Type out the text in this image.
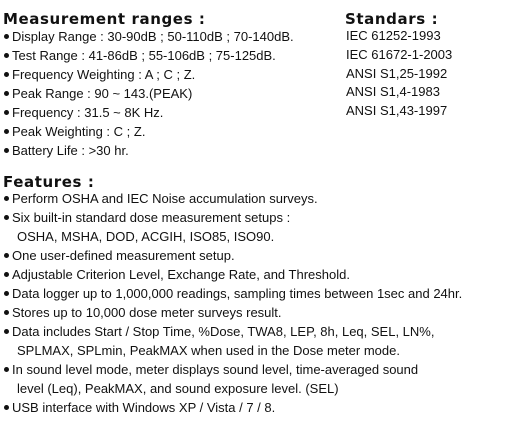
Measurement ranges :
Display Range : 30-90dB ; 50-110dB ; 70-140dB.
Test Range : 41-86dB ; 55-106dB ; 75-125dB.
Frequency Weighting : A ; C ; Z.
Peak Range : 90 ~ 143.(PEAK)
Frequency : 31.5 ~ 8K Hz.
Peak Weighting : C ; Z.
Battery Life : >30 hr.
Standars :
IEC 61252-1993
IEC 61672-1-2003
ANSI S1,25-1992
ANSI S1,4-1983
ANSI S1,43-1997
Features :
Perform OSHA and IEC Noise accumulation surveys.
Six built-in standard dose measurement setups :
OSHA, MSHA, DOD, ACGIH, ISO85, ISO90.
One user-defined measurement setup.
Adjustable Criterion Level, Exchange Rate, and Threshold.
Data logger up to 1,000,000 readings, sampling times between 1sec and 24hr.
Stores up to 10,000 dose meter surveys result.
Data includes Start / Stop Time, %Dose, TWA8, LEP, 8h, Leq, SEL, LN%,
SPLMAX, SPLmin, PeakMAX when used in the Dose meter mode.
In sound level mode, meter displays sound level, time-averaged sound
level (Leq), PeakMAX, and sound exposure level. (SEL)
USB interface with Windows XP / Vista / 7 / 8.
